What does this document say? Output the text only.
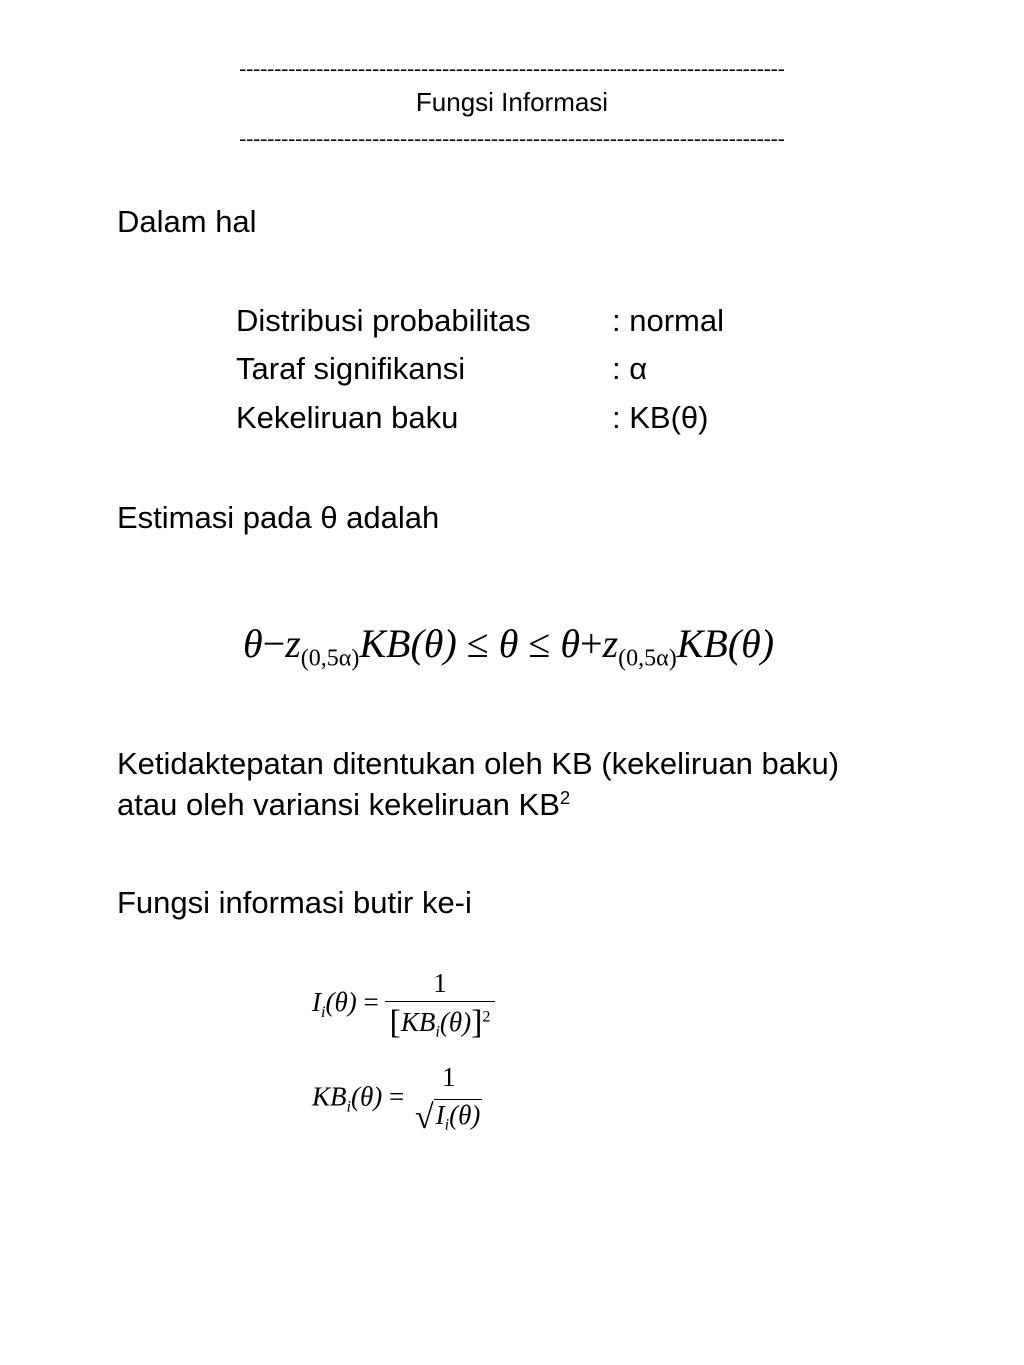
------------------------------------------------------------------------------
Fungsi Informasi
------------------------------------------------------------------------------
Dalam hal
Distribusi probabilitas	: normal
Taraf signifikansi	: α
Kekeliruan baku	: KB(θ)
Estimasi pada θ adalah
$\theta-z_{(0,5\alpha)}KB(\theta) \le \theta \le \theta+z_{(0,5\alpha)}KB(\theta)$
Ketidaktepatan ditentukan oleh KB (kekeliruan baku)
atau oleh variansi kekeliruan $KB^2$
Fungsi informasi butir ke-i
$I_i(\theta) = \frac{1}{[KB_i(\theta)]^2}$
$KB_i(\theta)$ =
1
$√I_i(\theta)$
